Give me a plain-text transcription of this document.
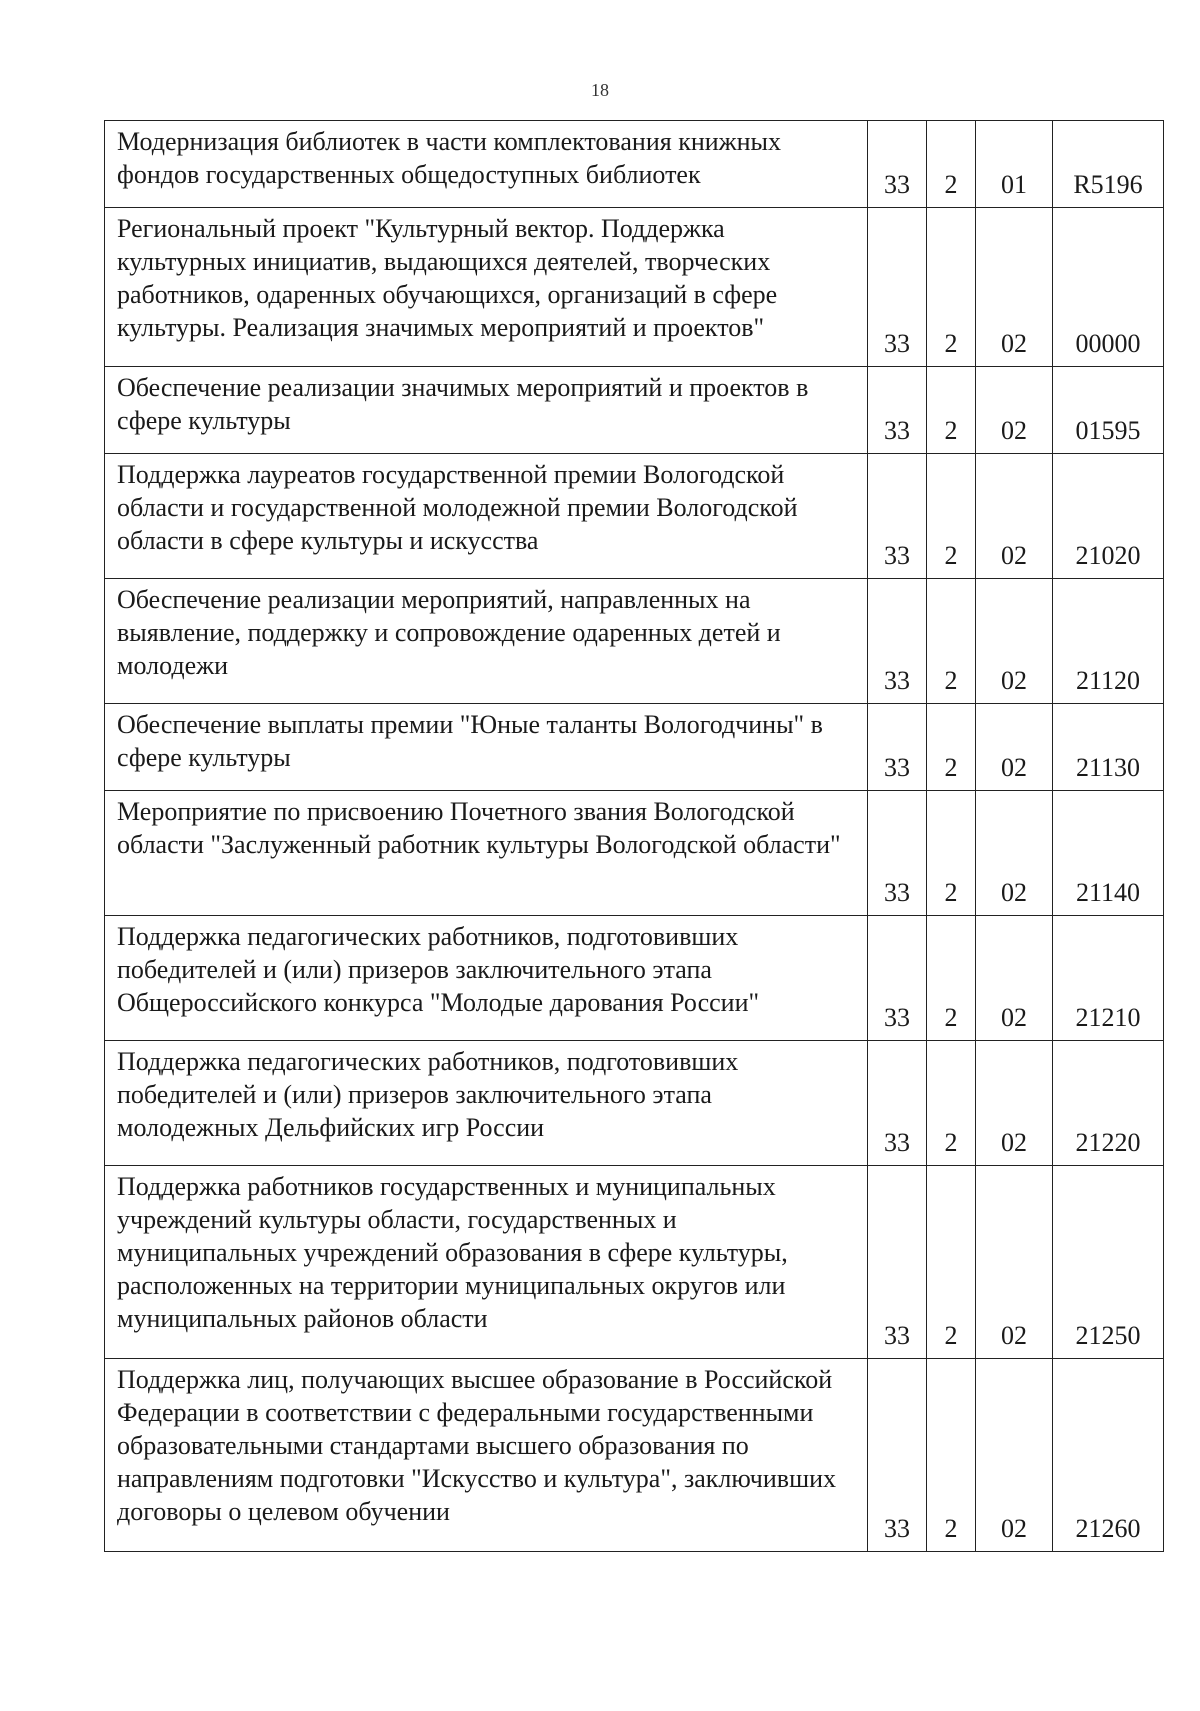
18
Модернизация библиотек в части комплектования книжных фондов государственных общедоступных библиотек	33	2	01	R5196
Региональный проект "Культурный вектор. Поддержка культурных инициатив, выдающихся деятелей, творческих работников, одаренных обучающихся, организаций в сфере культуры. Реализация значимых мероприятий и проектов"	33	2	02	00000
Обеспечение реализации значимых мероприятий и проектов в сфере культуры	33	2	02	01595
Поддержка лауреатов государственной премии Вологодской области и государственной молодежной премии Вологодской области в сфере культуры и искусства	33	2	02	21020
Обеспечение реализации мероприятий, направленных на выявление, поддержку и сопровождение одаренных детей и молодежи	33	2	02	21120
Обеспечение выплаты премии "Юные таланты Вологодчины" в сфере культуры	33	2	02	21130
Мероприятие по присвоению Почетного звания Вологодской области "Заслуженный работник культуры Вологодской области"	33	2	02	21140
Поддержка педагогических работников, подготовивших победителей и (или) призеров заключительного этапа Общероссийского конкурса "Молодые дарования России"	33	2	02	21210
Поддержка педагогических работников, подготовивших победителей и (или) призеров заключительного этапа молодежных Дельфийских игр России	33	2	02	21220
Поддержка работников государственных и муниципальных учреждений культуры области, государственных и муниципальных учреждений образования в сфере культуры, расположенных на территории муниципальных округов или муниципальных районов области	33	2	02	21250
Поддержка лиц, получающих высшее образование в Российской Федерации в соответствии с федеральными государственными образовательными стандартами высшего образования по направлениям подготовки "Искусство и культура", заключивших договоры о целевом обучении	33	2	02	21260
